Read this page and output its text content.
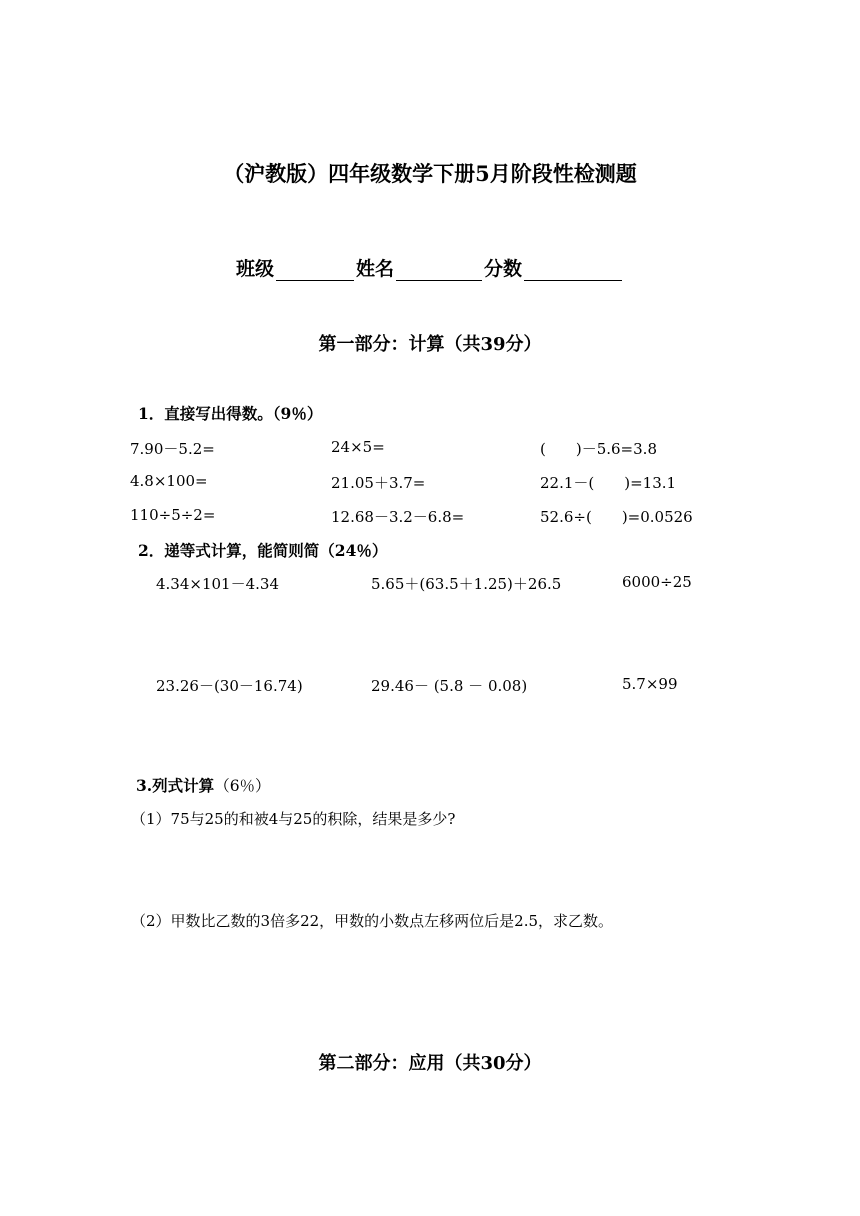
（沪教版）四年级数学下册5月阶段性检测题
班级	姓名	分数
第一部分：计算（共39分）
1．直接写出得数。（9％）
7.90－5.2=	24×5=	(　　)－5.6=3.8
4.8×100=	21.05＋3.7=	22.1－(　　)=13.1
110÷5÷2=	12.68－3.2－6.8=	52.6÷(　　)=0.0526
2．递等式计算，能简则简（24％）
4.34×101－4.34	5.65＋(63.5＋1.25)＋26.5	6000÷25
23.26－(30－16.74)	29.46－ (5.8 － 0.08)	5.7×99
3.列式计算（6％）
（1）75与25的和被4与25的积除，结果是多少?
（2）甲数比乙数的3倍多22，甲数的小数点左移两位后是2.5，求乙数。
第二部分：应用（共30分）
